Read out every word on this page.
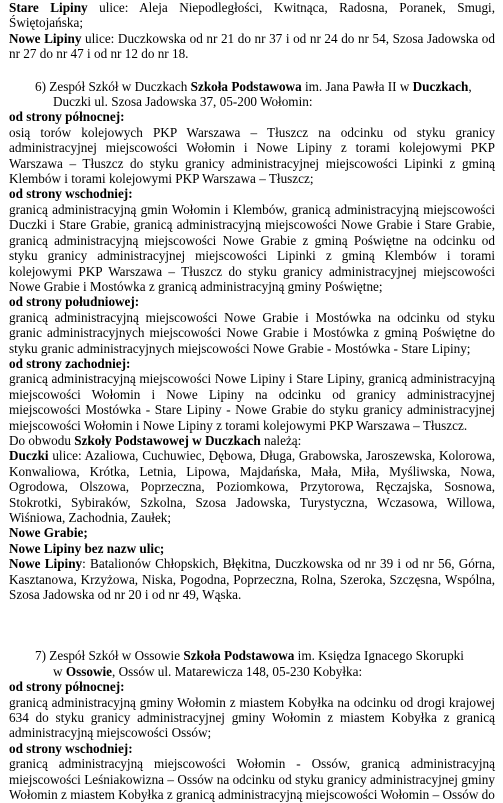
Stare Lipiny ulice: Aleja Niepodległości, Kwitnąca, Radosna, Poranek, Smugi, Świętojańska;

Nowe Lipiny ulice: Duczkowska od nr 21 do nr 37 i od nr 24 do nr 54, Szosa Jadowska od nr 27 do nr 47 i od nr 12 do nr 18.

6) Zespół Szkół w Duczkach Szkoła Podstawowa im. Jana Pawła II w Duczkach,

Duczki ul. Szosa Jadowska 37, 05-200 Wołomin:

od strony północnej:

osią torów kolejowych PKP Warszawa – Tłuszcz na odcinku od styku granicy administracyjnej miejscowości Wołomin i Nowe Lipiny z torami kolejowymi PKP Warszawa – Tłuszcz do styku granicy administracyjnej miejscowości Lipinki z gminą Klembów i torami kolejowymi PKP Warszawa – Tłuszcz;

od strony wschodniej:

granicą administracyjną gmin Wołomin i Klembów, granicą administracyjną miejscowości Duczki i Stare Grabie, granicą administracyjną miejscowości Nowe Grabie i Stare Grabie, granicą administracyjną miejscowości Nowe Grabie z gminą Poświętne na odcinku od styku granicy administracyjnej miejscowości Lipinki z gminą Klembów i torami kolejowymi PKP Warszawa – Tłuszcz do styku granicy administracyjnej miejscowości Nowe Grabie i Mostówka z granicą administracyjną gminy Poświętne;

od strony południowej:

granicą administracyjną miejscowości Nowe Grabie i Mostówka na odcinku od styku granic administracyjnych miejscowości Nowe Grabie i Mostówka z gminą Poświętne do styku granic administracyjnych miejscowości Nowe Grabie - Mostówka - Stare Lipiny;

od strony zachodniej:

granicą administracyjną miejscowości Nowe Lipiny i Stare Lipiny, granicą administracyjną miejscowości Wołomin i Nowe Lipiny na odcinku od granicy administracyjnej miejscowości Mostówka - Stare Lipiny - Nowe Grabie do styku granicy administracyjnej miejscowości Wołomin i Nowe Lipiny z torami kolejowymi PKP Warszawa – Tłuszcz.

Do obwodu Szkoły Podstawowej w Duczkach należą:

Duczki ulice: Azaliowa, Cuchuwiec, Dębowa, Długa, Grabowska, Jaroszewska, Kolorowa, Konwaliowa, Krótka, Letnia, Lipowa, Majdańska, Mała, Miła, Myśliwska, Nowa, Ogrodowa, Olszowa, Poprzeczna, Poziomkowa, Przytorowa, Ręczajska, Sosnowa, Stokrotki, Sybiraków, Szkolna, Szosa Jadowska, Turystyczna, Wczasowa, Willowa, Wiśniowa, Zachodnia, Zaułek;

Nowe Grabie;

Nowe Lipiny bez nazw ulic;

Nowe Lipiny: Batalionów Chłopskich, Błękitna, Duczkowska od nr 39 i od nr 56, Górna, Kasztanowa, Krzyżowa, Niska, Pogodna, Poprzeczna, Rolna, Szeroka, Szczęsna, Wspólna, Szosa Jadowska od nr 20 i od nr 49, Wąska.

7) Zespół Szkół w Ossowie Szkoła Podstawowa im. Księdza Ignacego Skorupki

w Ossowie, Ossów ul. Matarewicza 148, 05-230 Kobyłka:

od strony północnej:

granicą administracyjną gminy Wołomin z miastem Kobyłka na odcinku od drogi krajowej 634 do styku granicy administracyjnej gminy Wołomin z miastem Kobyłka z granicą administracyjną miejscowości Ossów;

od strony wschodniej:

granicą administracyjną miejscowości Wołomin - Ossów, granicą administracyjną miejscowości Leśniakowizna – Ossów na odcinku od styku granicy administracyjnej gminy Wołomin z miastem Kobyłka z granicą administracyjną miejscowości Wołomin – Ossów do
